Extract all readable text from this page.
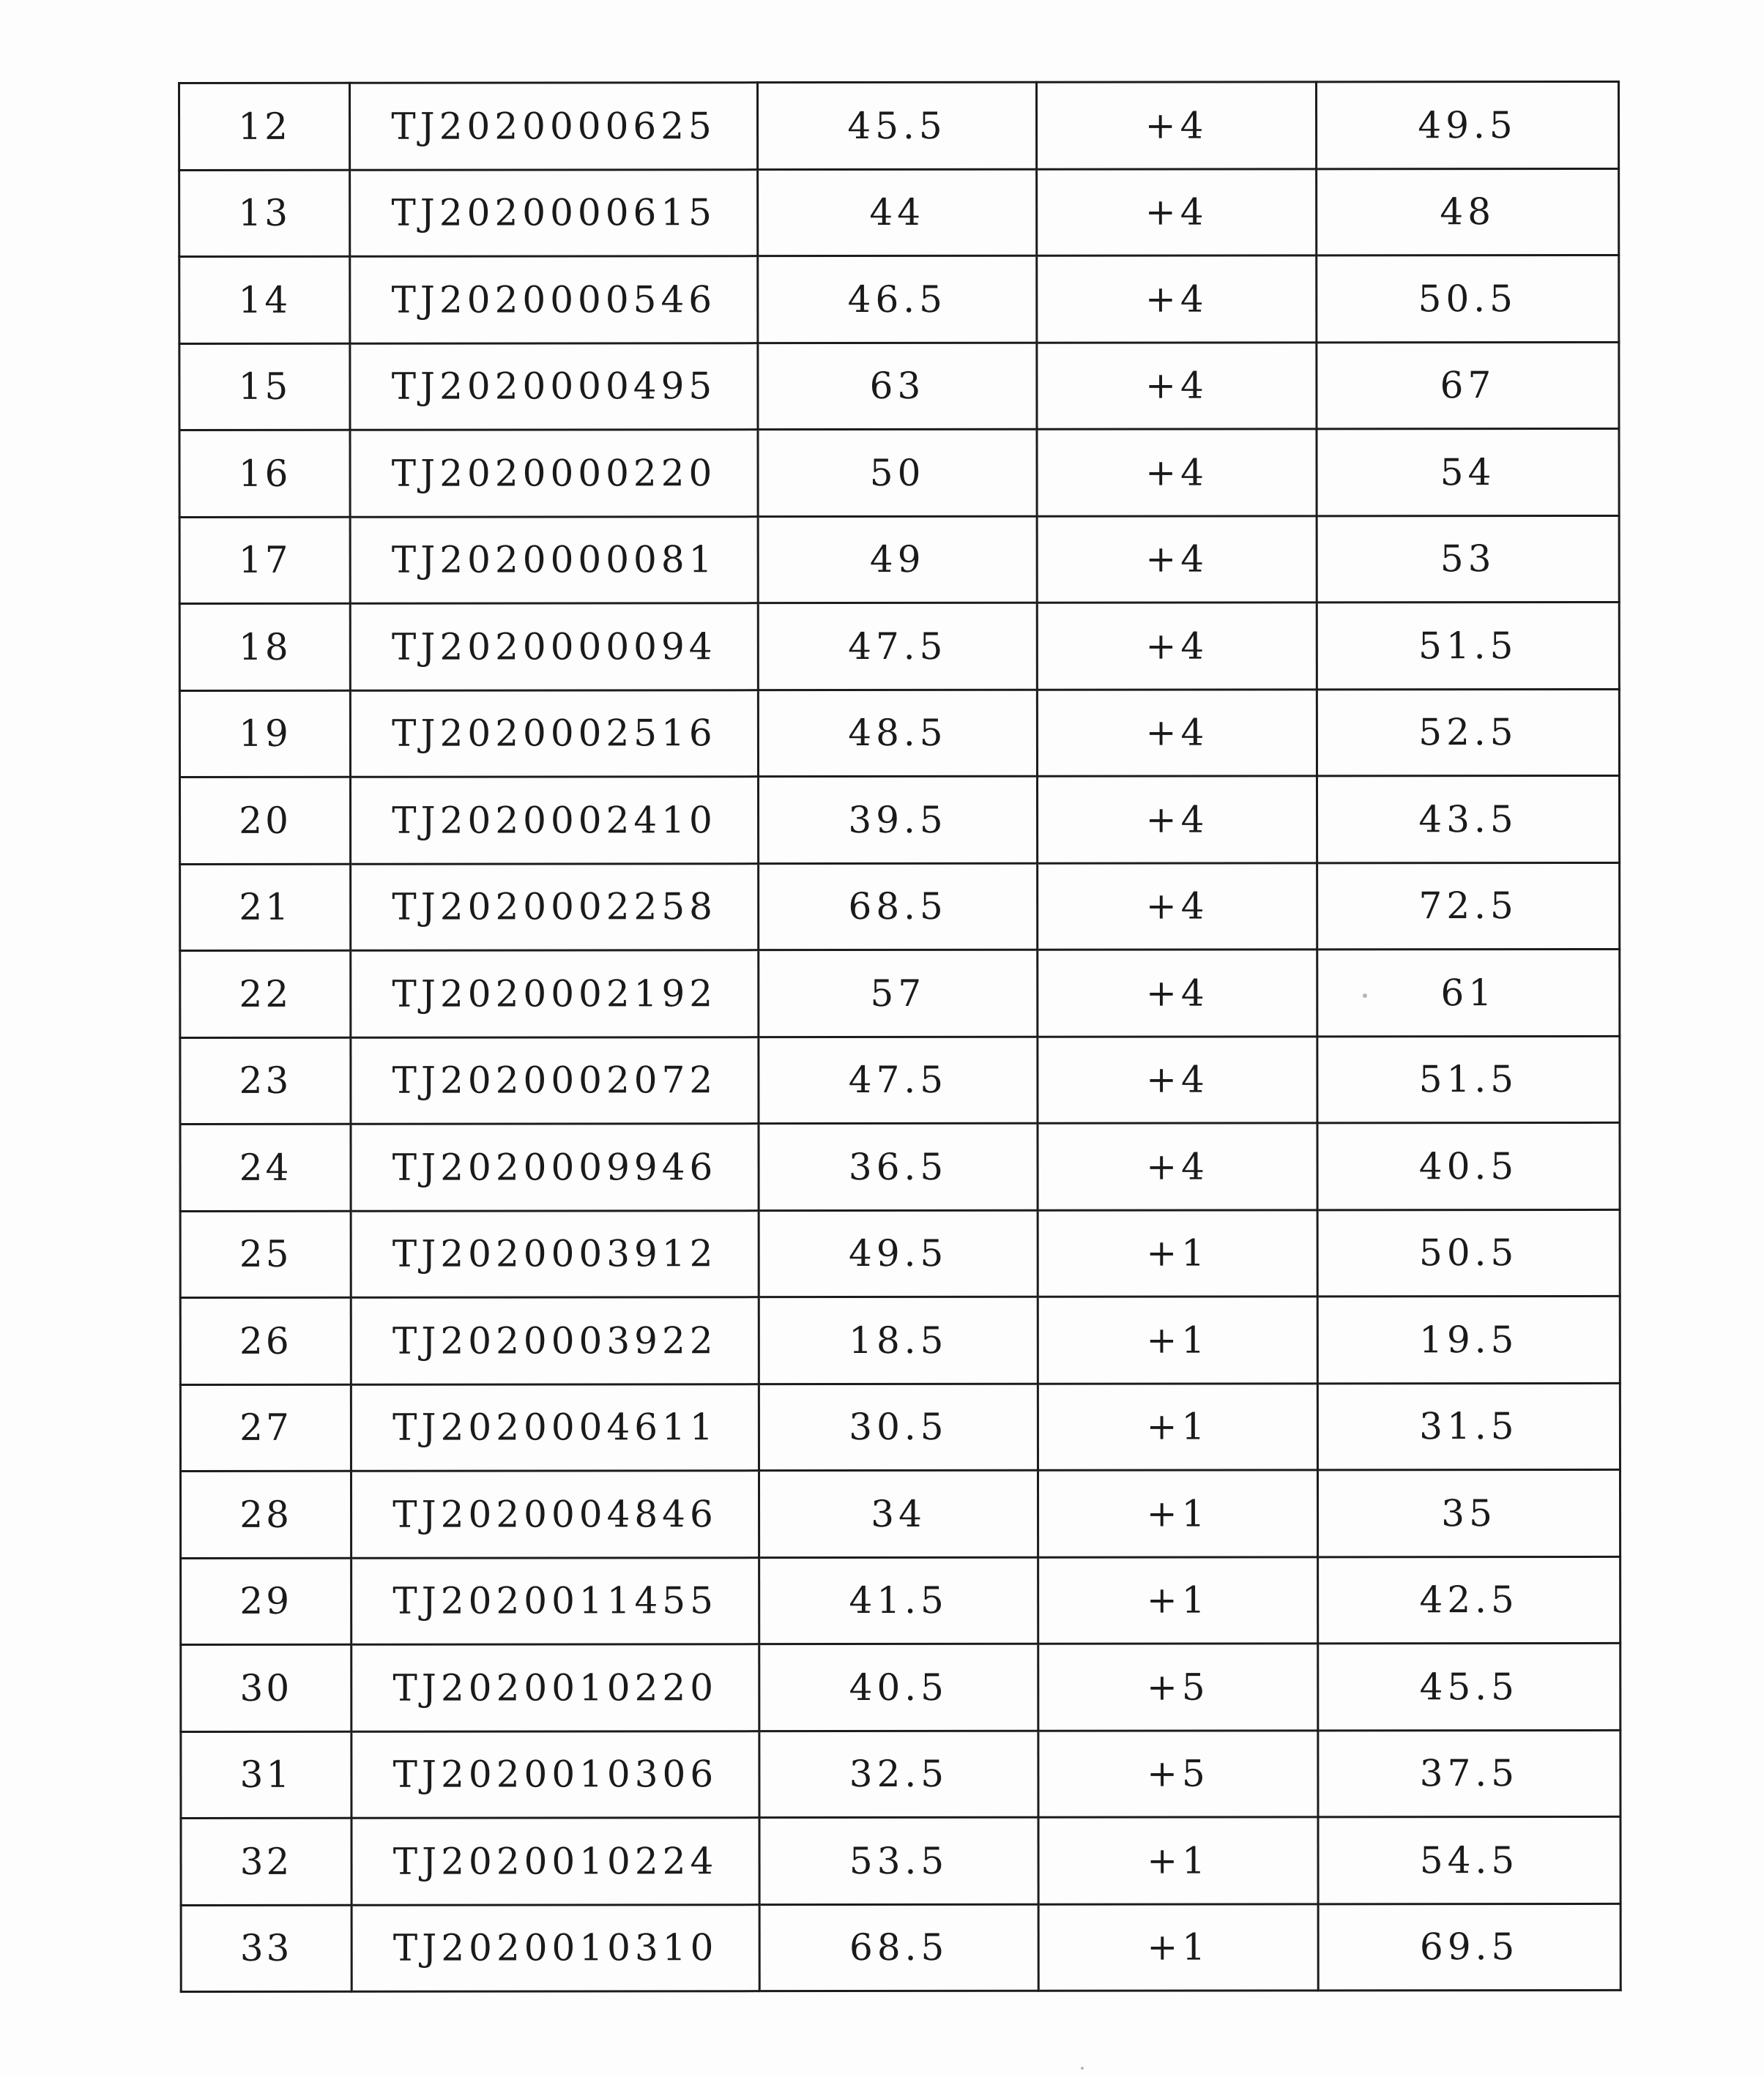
12	TJ2020000625	45.5	+4	49.5
13	TJ2020000615	44	+4	48
14	TJ2020000546	46.5	+4	50.5
15	TJ2020000495	63	+4	67
16	TJ2020000220	50	+4	54
17	TJ2020000081	49	+4	53
18	TJ2020000094	47.5	+4	51.5
19	TJ2020002516	48.5	+4	52.5
20	TJ2020002410	39.5	+4	43.5
21	TJ2020002258	68.5	+4	72.5
22	TJ2020002192	57	+4	61
23	TJ2020002072	47.5	+4	51.5
24	TJ2020009946	36.5	+4	40.5
25	TJ2020003912	49.5	+1	50.5
26	TJ2020003922	18.5	+1	19.5
27	TJ2020004611	30.5	+1	31.5
28	TJ2020004846	34	+1	35
29	TJ2020011455	41.5	+1	42.5
30	TJ2020010220	40.5	+5	45.5
31	TJ2020010306	32.5	+5	37.5
32	TJ2020010224	53.5	+1	54.5
33	TJ2020010310	68.5	+1	69.5
